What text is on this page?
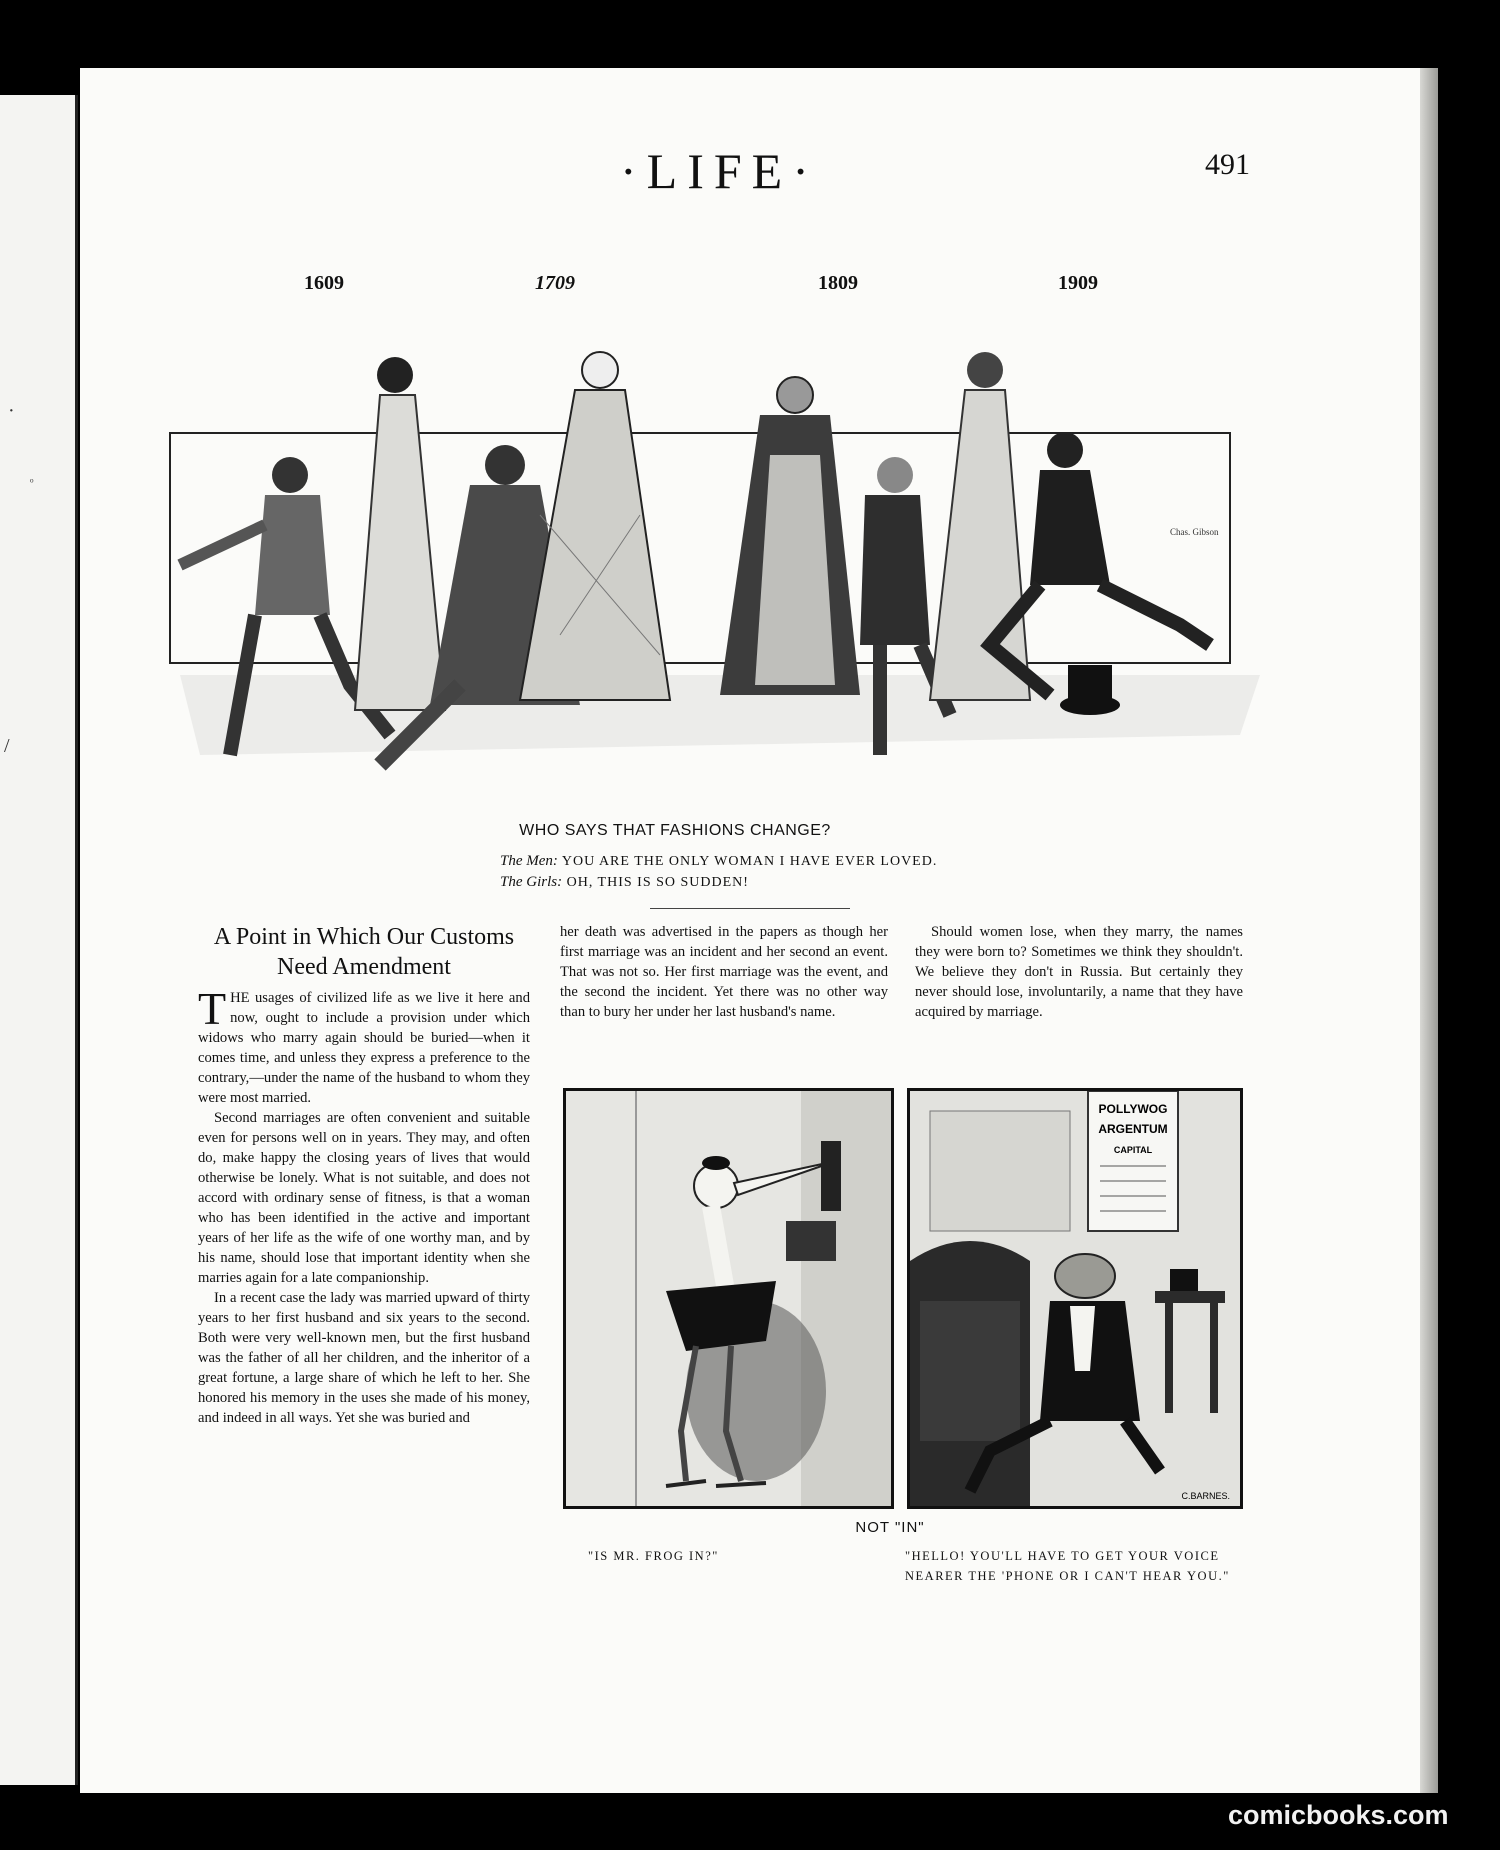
·
ᵒ
/
·LIFE·	491
1609	1709	1809	1909
Chas. Gibson
WHO SAYS THAT FASHIONS CHANGE?
The Men: YOU ARE THE ONLY WOMAN I HAVE EVER LOVED.
The Girls: OH, THIS IS SO SUDDEN!
A Point in Which Our Customs Need Amendment

THE usages of civilized life as we live it here and now, ought to include a provision under which widows who marry again should be buried—when it comes time, and unless they express a preference to the contrary,—under the name of the husband to whom they were most married.

Second marriages are often convenient and suitable even for persons well on in years. They may, and often do, make happy the closing years of lives that would otherwise be lonely. What is not suitable, and does not accord with ordinary sense of fitness, is that a woman who has been identified in the active and important years of her life as the wife of one worthy man, and by his name, should lose that important identity when she marries again for a late companionship.

In a recent case the lady was married upward of thirty years to her first husband and six years to the second. Both were very well-known men, but the first husband was the father of all her children, and the inheritor of a great fortune, a large share of which he left to her. She honored his memory in the uses she made of his money, and indeed in all ways. Yet she was buried and

her death was advertised in the papers as though her first marriage was an incident and her second an event. That was not so. Her first marriage was the event, and the second the incident. Yet there was no other way than to bury her under her last husband's name.

Should women lose, when they marry, the names they were born to? Sometimes we think they shouldn't. We believe they don't in Russia. But certainly they never should lose, involuntarily, a name that they have acquired by marriage.

POLLYWOG
ARGENTUM
CAPITAL
C.BARNES.
NOT "IN"
"IS MR. FROG IN?"	"HELLO! YOU'LL HAVE TO GET YOUR VOICE NEARER THE 'PHONE OR I CAN'T HEAR YOU."
comicbooks.com
